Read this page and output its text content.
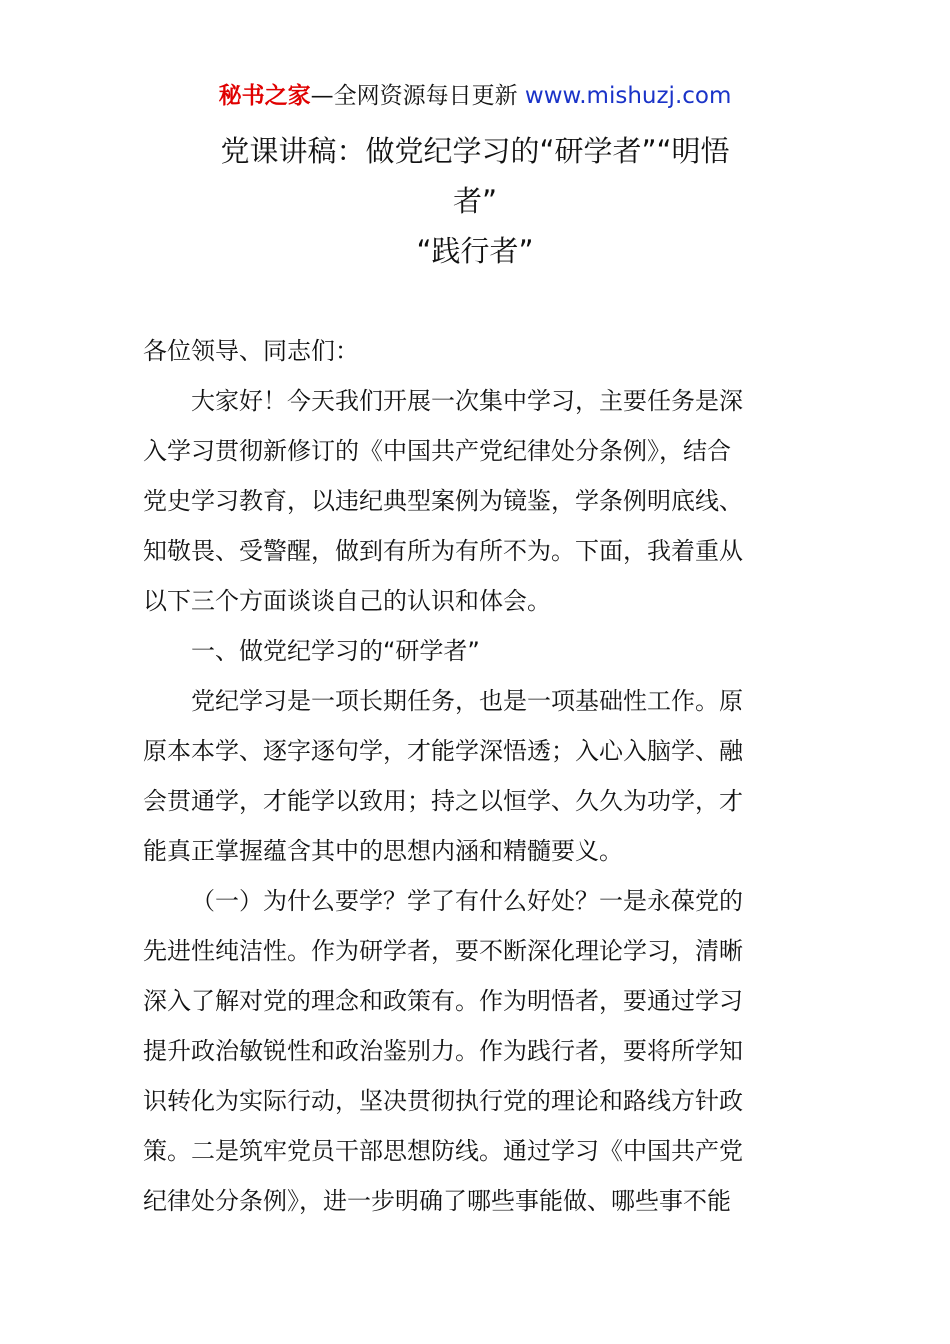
秘书之家—全网资源每日更新 www.mishuzj.com
党课讲稿：做党纪学习的“研学者”“明悟
者”
“践行者”
各位领导、同志们：
大家好！今天我们开展一次集中学习，主要任务是深
入学习贯彻新修订的《中国共产党纪律处分条例》，结合
党史学习教育，以违纪典型案例为镜鉴，学条例明底线、
知敬畏、受警醒，做到有所为有所不为。下面，我着重从
以下三个方面谈谈自己的认识和体会。
一、做党纪学习的“研学者”
党纪学习是一项长期任务，也是一项基础性工作。原
原本本学、逐字逐句学，才能学深悟透；入心入脑学、融
会贯通学，才能学以致用；持之以恒学、久久为功学，才
能真正掌握蕴含其中的思想内涵和精髓要义。
（一）为什么要学？学了有什么好处？一是永葆党的
先进性纯洁性。作为研学者，要不断深化理论学习，清晰
深入了解对党的理念和政策有。作为明悟者，要通过学习
提升政治敏锐性和政治鉴别力。作为践行者，要将所学知
识转化为实际行动，坚决贯彻执行党的理论和路线方针政
策。二是筑牢党员干部思想防线。通过学习《中国共产党
纪律处分条例》，进一步明确了哪些事能做、哪些事不能
